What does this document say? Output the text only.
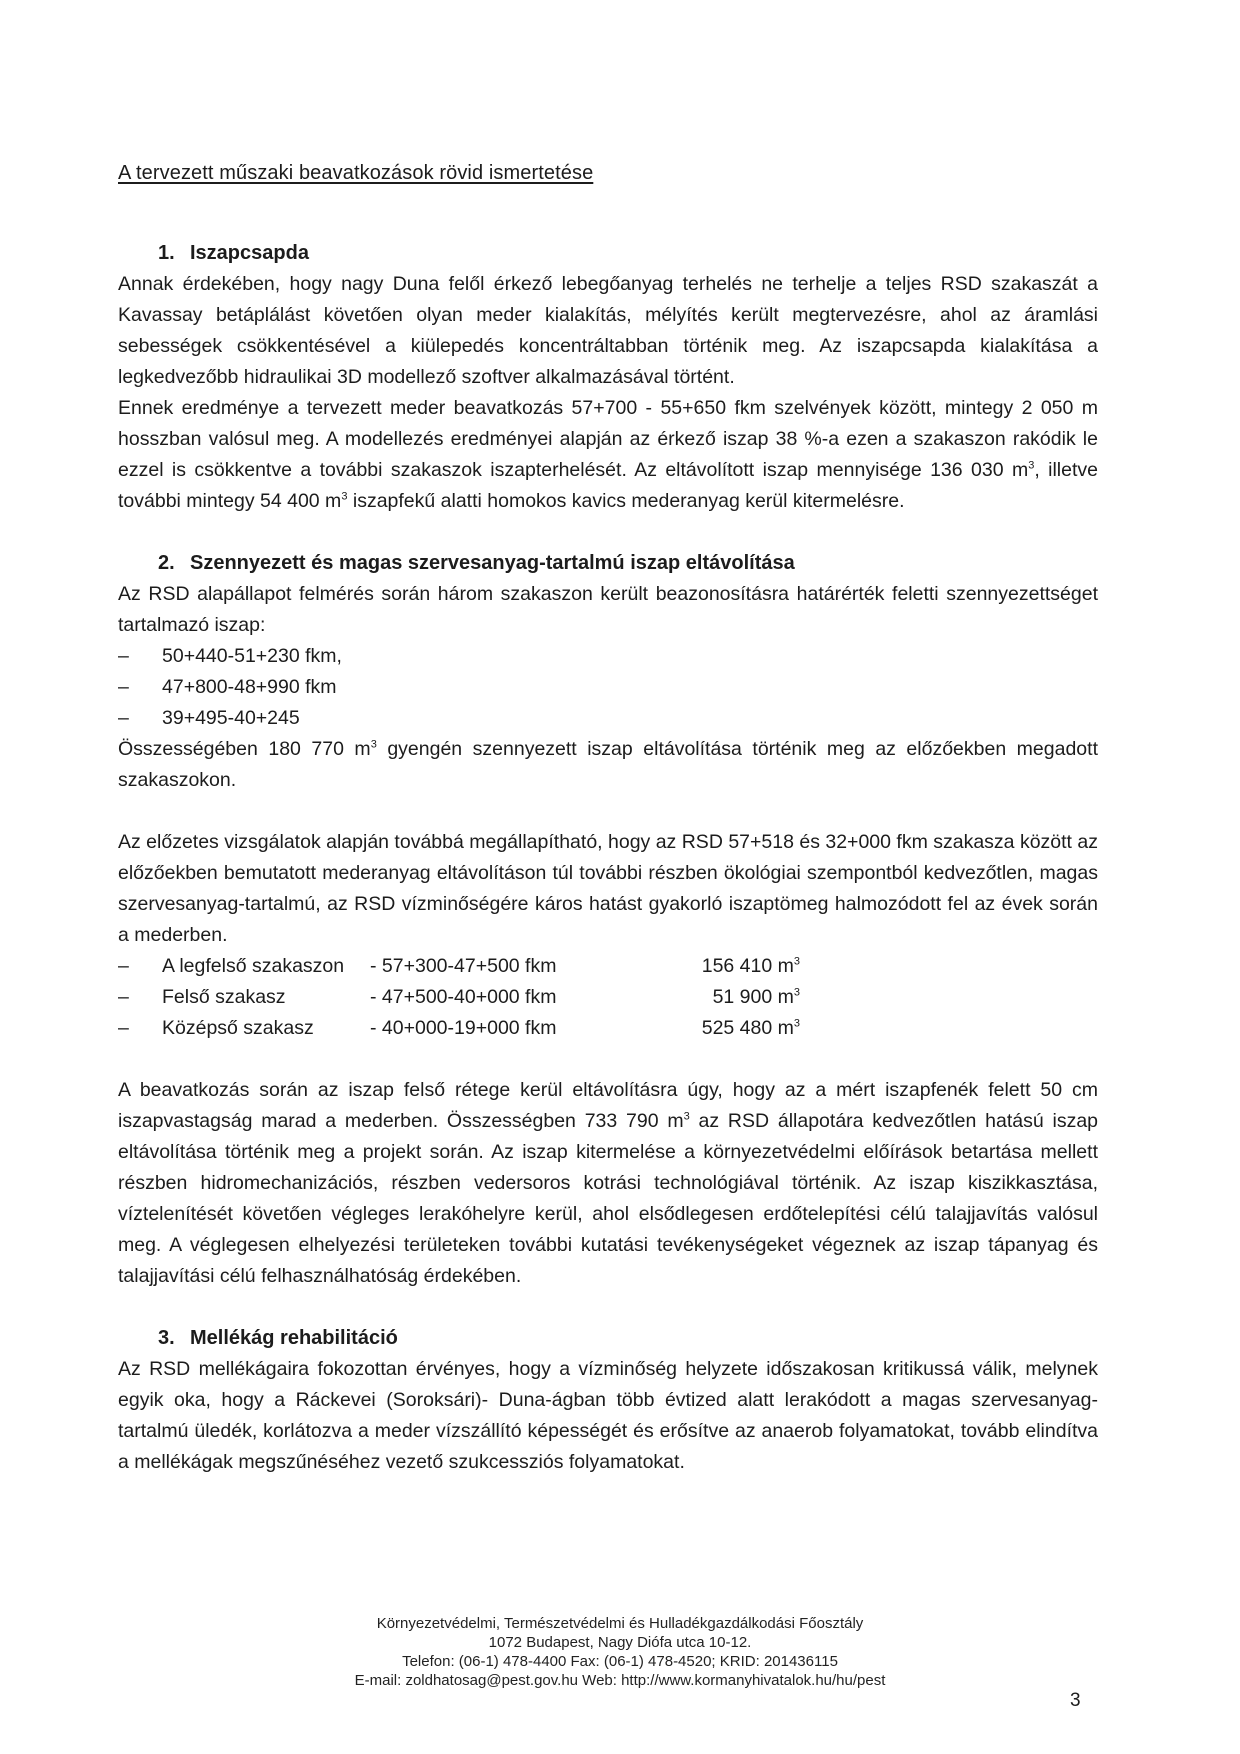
A tervezett műszaki beavatkozások rövid ismertetése
1. Iszapcsapda

Annak érdekében, hogy nagy Duna felől érkező lebegőanyag terhelés ne terhelje a teljes RSD szakaszát a Kavassay betáplálást követően olyan meder kialakítás, mélyítés került megtervezésre, ahol az áramlási sebességek csökkentésével a kiülepedés koncentráltabban történik meg. Az iszapcsapda kialakítása a legkedvezőbb hidraulikai 3D modellező szoftver alkalmazásával történt.

Ennek eredménye a tervezett meder beavatkozás 57+700 - 55+650 fkm szelvények között, mintegy 2 050 m hosszban valósul meg. A modellezés eredményei alapján az érkező iszap 38 %-a ezen a szakaszon rakódik le ezzel is csökkentve a további szakaszok iszapterhelését. Az eltávolított iszap mennyisége 136 030 $m^3$, illetve további mintegy 54 400 $m^3$ iszapfekű alatti homokos kavics mederanyag kerül kitermelésre.

2. Szennyezett és magas szervesanyag-tartalmú iszap eltávolítása

Az RSD alapállapot felmérés során három szakaszon került beazonosításra határérték feletti szennyezettséget tartalmazó iszap:

– 50+440-51+230 fkm,
– 47+800-48+990 fkm
– 39+495-40+245

Összességében 180 770 $m^3$ gyengén szennyezett iszap eltávolítása történik meg az előzőekben megadott szakaszokon.

Az előzetes vizsgálatok alapján továbbá megállapítható, hogy az RSD 57+518 és 32+000 fkm szakasza között az előzőekben bemutatott mederanyag eltávolításon túl további részben ökológiai szempontból kedvezőtlen, magas szervesanyag-tartalmú, az RSD vízminőségére káros hatást gyakorló iszaptömeg halmozódott fel az évek során a mederben.

–	A legfelső szakaszon	- 57+300-47+500 fkm	156 410 $m^3$
–	Felső szakasz	- 47+500-40+000 fkm	51 900 $m^3$
–	Középső szakasz	- 40+000-19+000 fkm	525 480 $m^3$

A beavatkozás során az iszap felső rétege kerül eltávolításra úgy, hogy az a mért iszapfenék felett 50 cm iszapvastagság marad a mederben. Összességben 733 790 $m^3$ az RSD állapotára kedvezőtlen hatású iszap eltávolítása történik meg a projekt során. Az iszap kitermelése a környezetvédelmi előírások betartása mellett részben hidromechanizációs, részben vedersoros kotrási technológiával történik. Az iszap kiszikkasztása, víztelenítését követően végleges lerakóhelyre kerül, ahol elsődlegesen erdőtelepítési célú talajjavítás valósul meg. A véglegesen elhelyezési területeken további kutatási tevékenységeket végeznek az iszap tápanyag és talajjavítási célú felhasználhatóság érdekében.

3. Mellékág rehabilitáció

Az RSD mellékágaira fokozottan érvényes, hogy a vízminőség helyzete időszakosan kritikussá válik, melynek egyik oka, hogy a Ráckevei (Soroksári)- Duna-ágban több évtized alatt lerakódott a magas szervesanyag-tartalmú üledék, korlátozva a meder vízszállító képességét és erősítve az anaerob folyamatokat, tovább elindítva a mellékágak megszűnéséhez vezető szukcessziós folyamatokat.

Környezetvédelmi, Természetvédelmi és Hulladékgazdálkodási Főosztály
1072 Budapest, Nagy Diófa utca 10-12.
Telefon: (06-1) 478-4400 Fax: (06-1) 478-4520; KRID: 201436115
E-mail: zoldhatosag@pest.gov.hu Web: http://www.kormanyhivatalok.hu/hu/pest
3
